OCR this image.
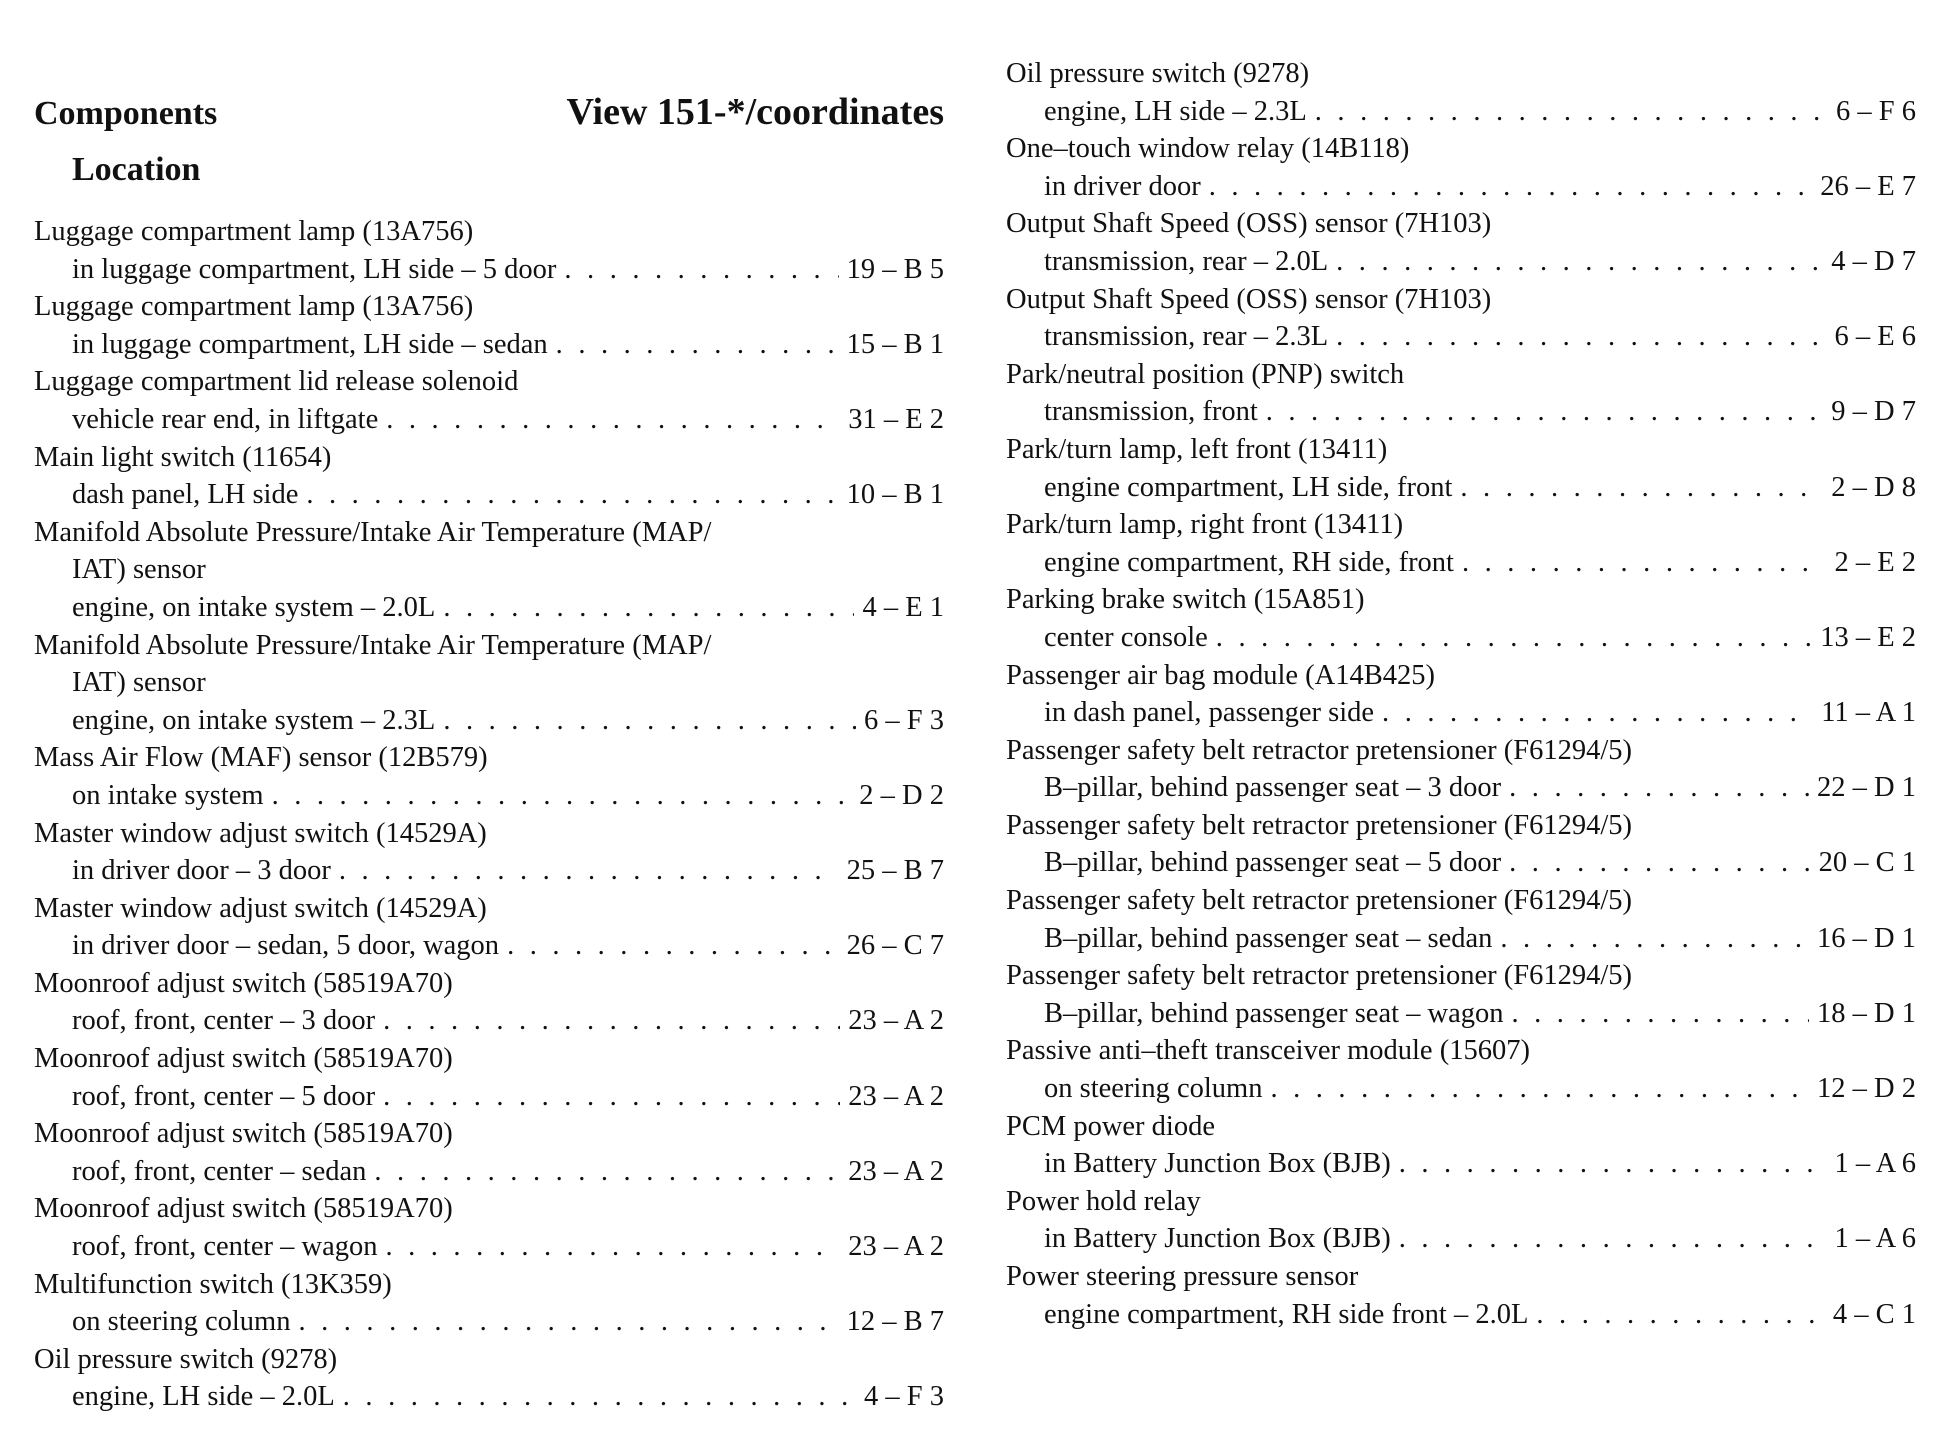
Components
Location
View 151-*/coordinates
Luggage compartment lamp (13A756)
in luggage compartment, LH side – 5 door . . .	19 – B 5
Luggage compartment lamp (13A756)
in luggage compartment, LH side – sedan . . .	15 – B 1
Luggage compartment lid release solenoid
vehicle rear end, in liftgate . . .	31 – E 2
Main light switch (11654)
dash panel, LH side . . .	10 – B 1
Manifold Absolute Pressure/Intake Air Temperature (MAP/
IAT) sensor
engine, on intake system – 2.0L . . .	4 – E 1
Manifold Absolute Pressure/Intake Air Temperature (MAP/
IAT) sensor
engine, on intake system – 2.3L . . .	6 – F 3
Mass Air Flow (MAF) sensor (12B579)
on intake system . . .	2 – D 2
Master window adjust switch (14529A)
in driver door – 3 door . . .	25 – B 7
Master window adjust switch (14529A)
in driver door – sedan, 5 door, wagon . . .	26 – C 7
Moonroof adjust switch (58519A70)
roof, front, center – 3 door . . .	23 – A 2
Moonroof adjust switch (58519A70)
roof, front, center – 5 door . . .	23 – A 2
Moonroof adjust switch (58519A70)
roof, front, center – sedan . . .	23 – A 2
Moonroof adjust switch (58519A70)
roof, front, center – wagon . . .	23 – A 2
Multifunction switch (13K359)
on steering column . . .	12 – B 7
Oil pressure switch (9278)
engine, LH side – 2.0L . . .	4 – F 3
Oil pressure switch (9278)
engine, LH side – 2.3L . . .	6 – F 6
One–touch window relay (14B118)
in driver door . . .	26 – E 7
Output Shaft Speed (OSS) sensor (7H103)
transmission, rear – 2.0L . . .	4 – D 7
Output Shaft Speed (OSS) sensor (7H103)
transmission, rear – 2.3L . . .	6 – E 6
Park/neutral position (PNP) switch
transmission, front . . .	9 – D 7
Park/turn lamp, left front (13411)
engine compartment, LH side, front . . .	2 – D 8
Park/turn lamp, right front (13411)
engine compartment, RH side, front . . .	2 – E 2
Parking brake switch (15A851)
center console . . .	13 – E 2
Passenger air bag module (A14B425)
in dash panel, passenger side . . .	11 – A 1
Passenger safety belt retractor pretensioner (F61294/5)
B–pillar, behind passenger seat – 3 door . . .	22 – D 1
Passenger safety belt retractor pretensioner (F61294/5)
B–pillar, behind passenger seat – 5 door . . .	20 – C 1
Passenger safety belt retractor pretensioner (F61294/5)
B–pillar, behind passenger seat – sedan . . .	16 – D 1
Passenger safety belt retractor pretensioner (F61294/5)
B–pillar, behind passenger seat – wagon . . .	18 – D 1
Passive anti–theft transceiver module (15607)
on steering column . . .	12 – D 2
PCM power diode
in Battery Junction Box (BJB) . . .	1 – A 6
Power hold relay
in Battery Junction Box (BJB) . . .	1 – A 6
Power steering pressure sensor
engine compartment, RH side front – 2.0L . . .	4 – C 1
